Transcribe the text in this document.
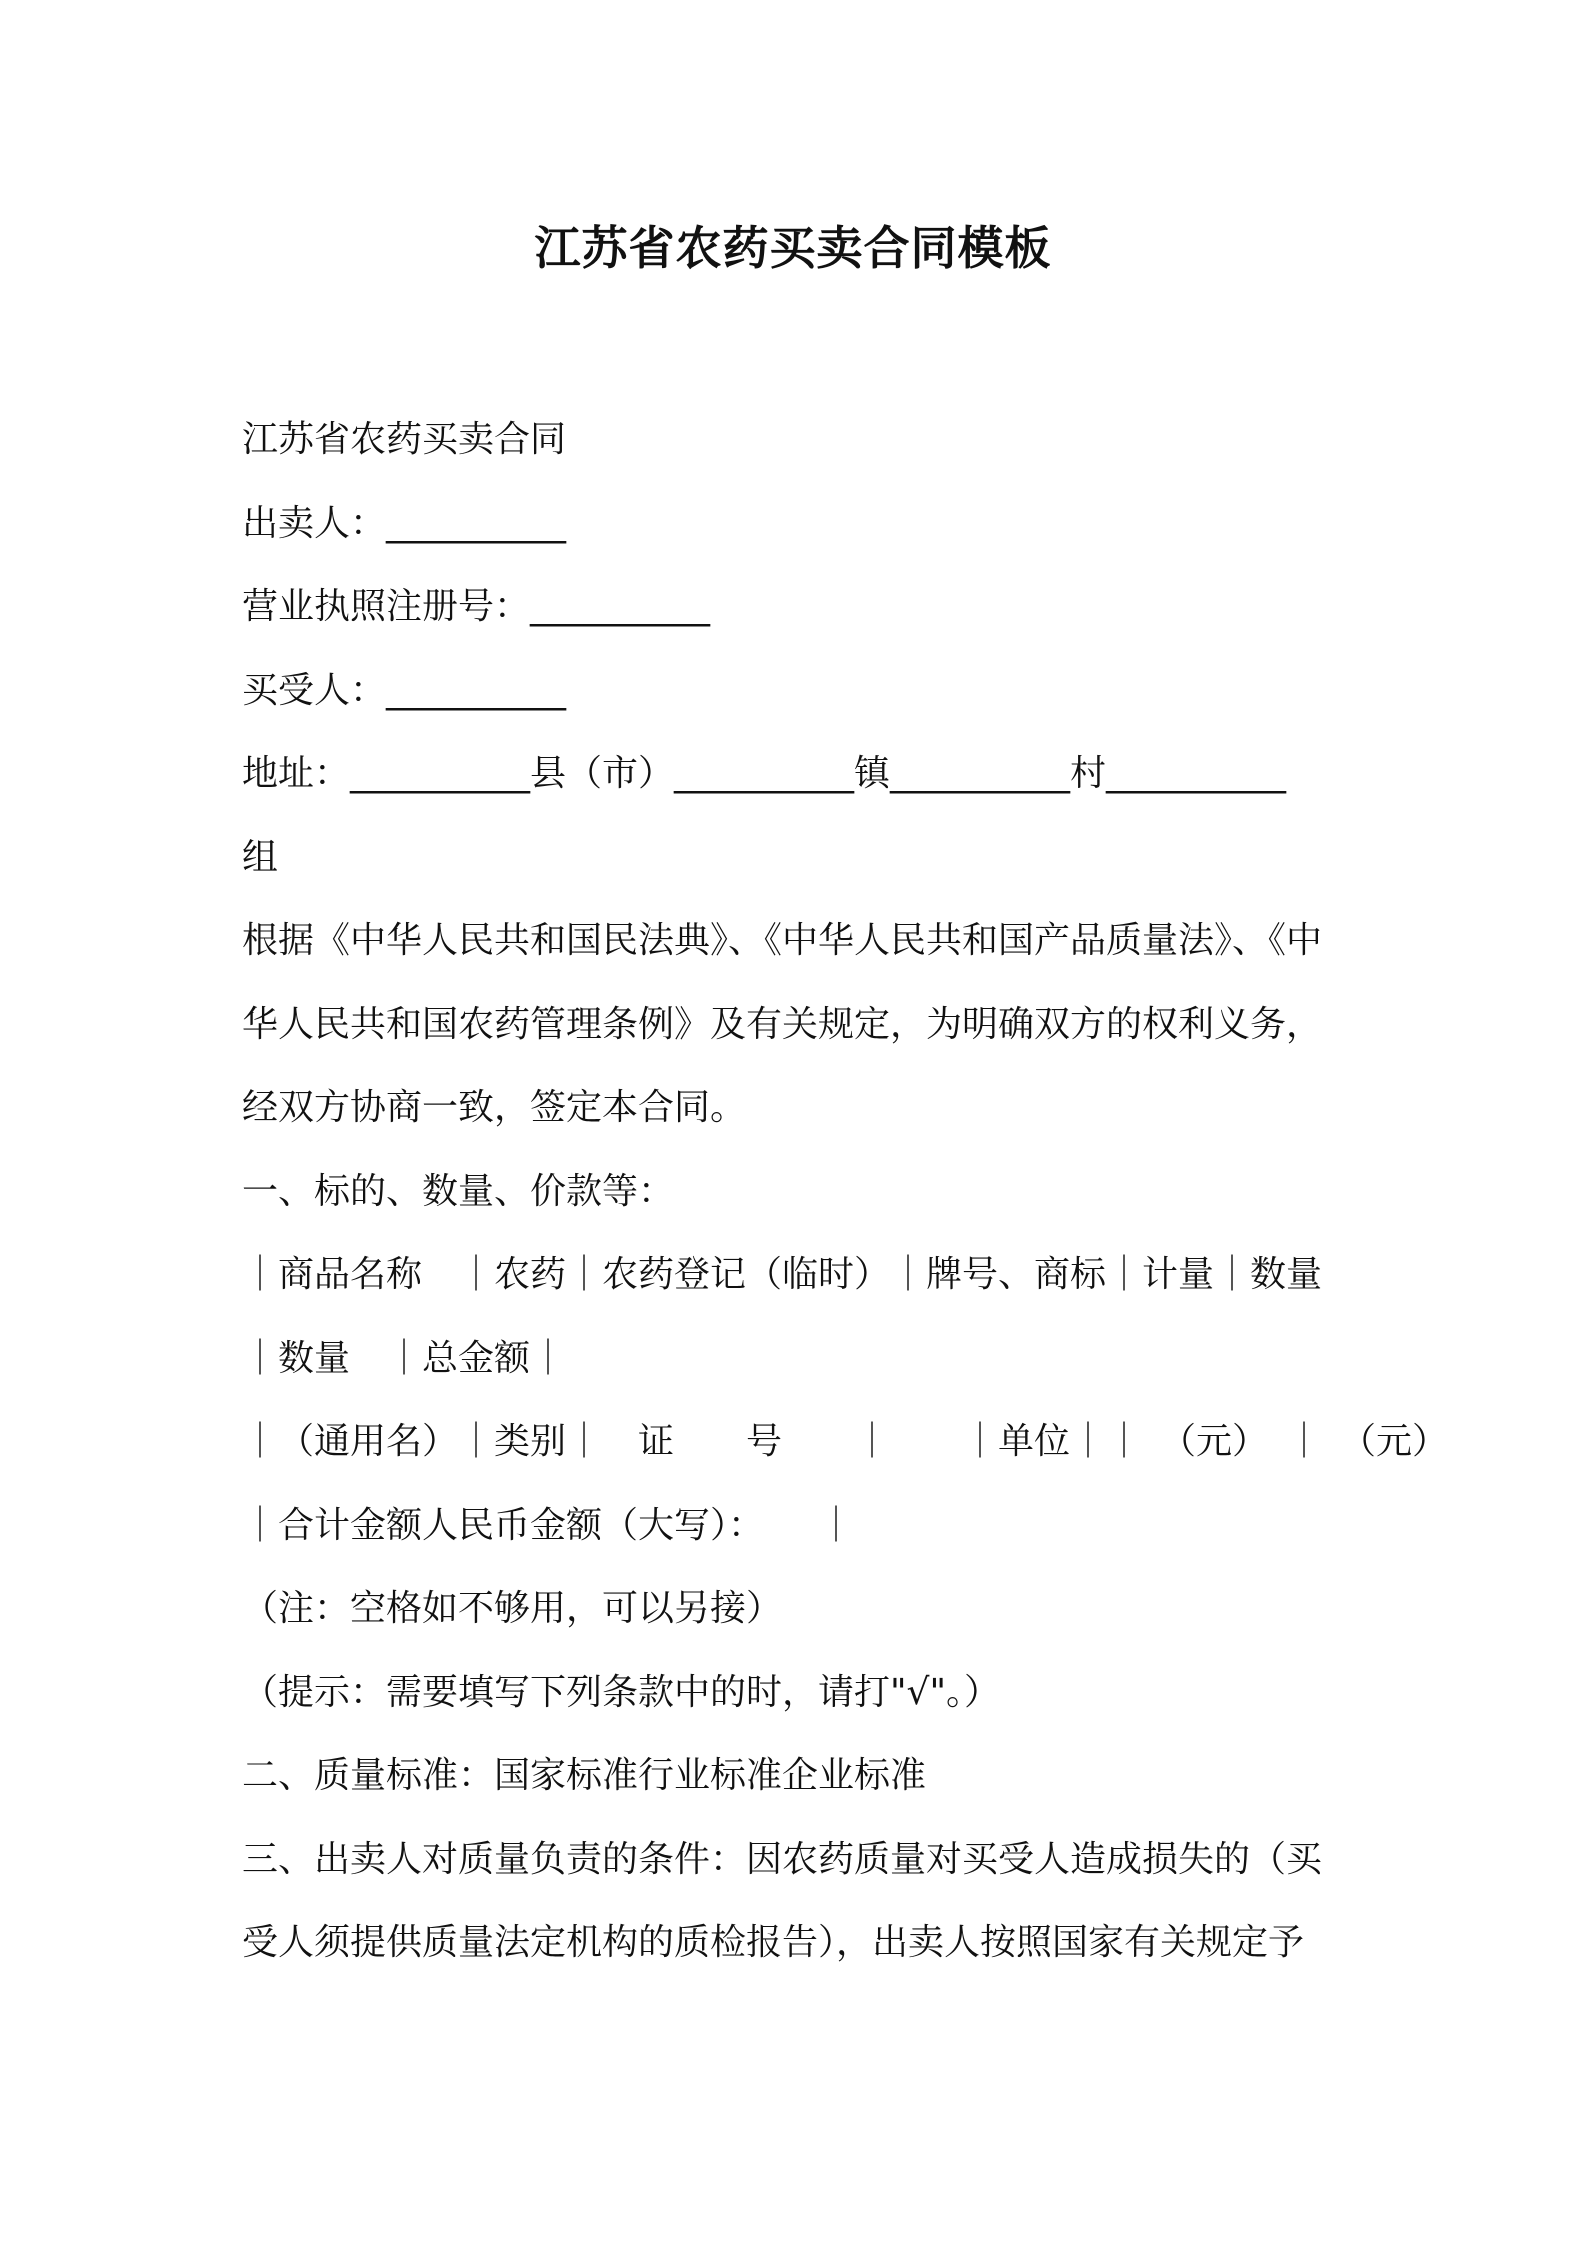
江苏省农药买卖合同模板
江苏省农药买卖合同
出卖人：__________
营业执照注册号：__________
买受人：__________
地址：__________县（市）__________镇__________村__________
组
根据《中华人民共和国民法典》、《中华人民共和国产品质量法》、《中
华人民共和国农药管理条例》及有关规定，为明确双方的权利义务，
经双方协商一致，签定本合同。
一、标的、数量、价款等：
｜商品名称　｜农药｜农药登记（临时）｜牌号、商标｜计量｜数量
｜数量　｜总金额｜
｜（通用名）｜类别｜　证　　号　　｜　　｜单位｜｜　（元）　｜　（元）
｜合计金额人民币金额（大写）：　　｜
（注：空格如不够用，可以另接）
（提示：需要填写下列条款中的时，请打"√"。）
二、质量标准：国家标准行业标准企业标准
三、出卖人对质量负责的条件：因农药质量对买受人造成损失的（买
受人须提供质量法定机构的质检报告），出卖人按照国家有关规定予
